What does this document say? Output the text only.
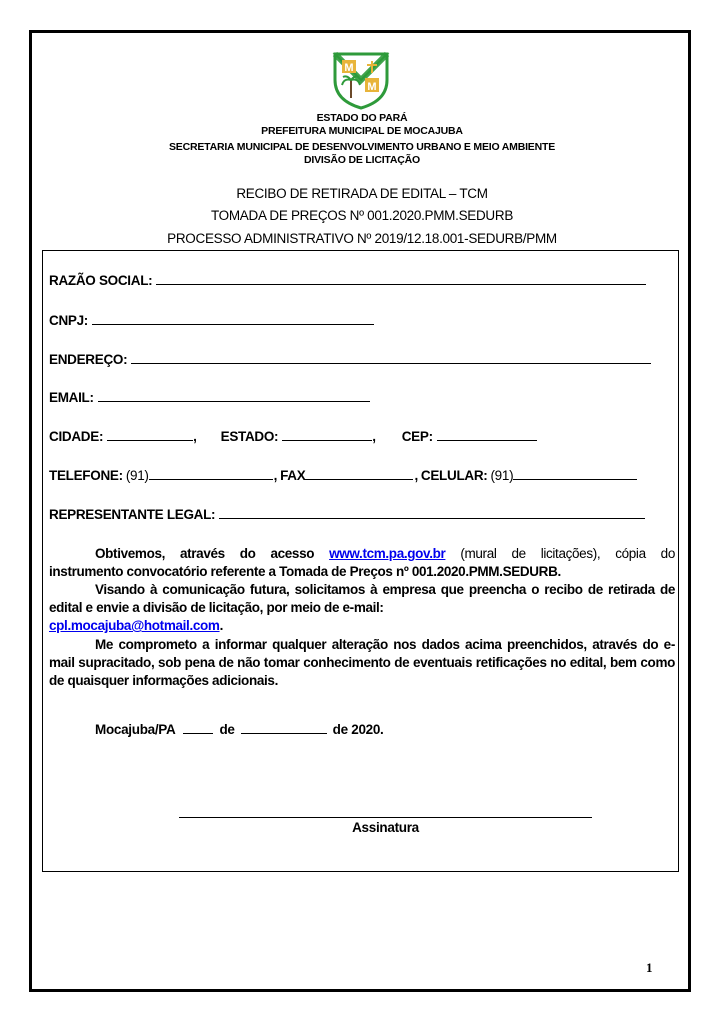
M
M
ESTADO DO PARÁ
PREFEITURA MUNICIPAL DE MOCAJUBA
SECRETARIA MUNICIPAL DE DESENVOLVIMENTO URBANO E MEIO AMBIENTE
DIVISÃO DE LICITAÇÃO
RECIBO DE RETIRADA DE EDITAL – TCM
TOMADA DE PREÇOS Nº 001.2020.PMM.SEDURB
PROCESSO ADMINISTRATIVO Nº 2019/12.18.001-SEDURB/PMM
RAZÃO SOCIAL:
CNPJ:
ENDEREÇO:
EMAIL:
CIDADE:	, ESTADO:	, CEP:
TELEFONE: (91)	, FAX	, CELULAR: (91)
REPRESENTANTE LEGAL:
Obtivemos, através do acesso www.tcm.pa.gov.br (mural de licitações), cópia do
instrumento convocatório referente a Tomada de Preços nº 001.2020.PMM.SEDURB.
Visando à comunicação futura, solicitamos à empresa que preencha o recibo de retirada de edital e envie a divisão de licitação, por meio de e-mail:
cpl.mocajuba@hotmail.com.
Me comprometo a informar qualquer alteração nos dados acima preenchidos, através do e-mail supracitado, sob pena de não tomar conhecimento de eventuais retificações no edital, bem como de quaisquer informações adicionais.
Mocajuba/PA	de	de 2020.
Assinatura
1
